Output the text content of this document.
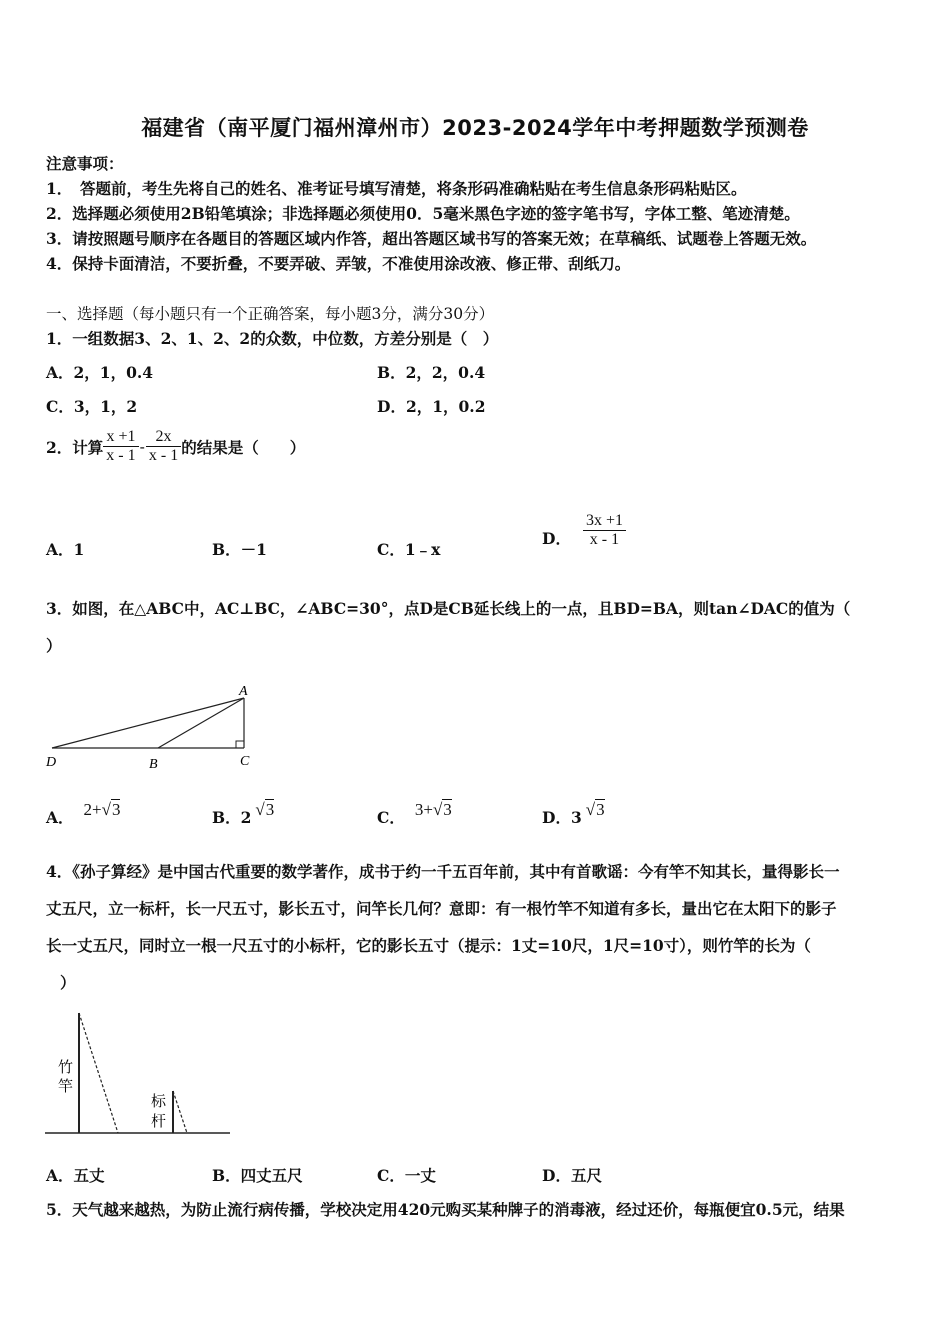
福建省（南平厦门福州漳州市）2023-2024学年中考押题数学预测卷
注意事项：
1．　答题前，考生先将自己的姓名、准考证号填写清楚，将条形码准确粘贴在考生信息条形码粘贴区。
2．选择题必须使用2B铅笔填涂；非选择题必须使用0．5毫米黑色字迹的签字笔书写，字体工整、笔迹清楚。
3．请按照题号顺序在各题目的答题区域内作答，超出答题区域书写的答案无效；在草稿纸、试题卷上答题无效。
4．保持卡面清洁，不要折叠，不要弄破、弄皱，不准使用涂改液、修正带、刮纸刀。
一、选择题（每小题只有一个正确答案，每小题3分，满分30分）
1．一组数据3、2、1、2、2的众数，中位数，方差分别是（　）
A．2，1，0.4	B．2，2，0.4
C．3，1，2	D．2，1，0.2
2．计算 $\frac{x +1}{x - 1} - \frac{2x}{x - 1}$ 的结果是（　　）
A．1	B．－1	C．1﹣x
D． $\frac{3x +1}{x - 1}$
3．如图，在△ABC中，AC⊥BC，∠ABC=30°，点D是CB延长线上的一点，且BD=BA，则tan∠DAC的值为（
）
A
D	B	C
A． 2+√3	B．2 √3	C． 3+√3	D．3 √3
4．《孙子算经》是中国古代重要的数学著作，成书于约一千五百年前，其中有首歌谣：今有竿不知其长，量得影长一
丈五尺，立一标杆，长一尺五寸，影长五寸，问竿长几何？意即：有一根竹竿不知道有多长，量出它在太阳下的影子
长一丈五尺，同时立一根一尺五寸的小标杆，它的影长五寸（提示：1丈=10尺，1尺=10寸），则竹竿的长为（
）
竹
竿
标
杆
A．五丈	B．四丈五尺	C．一丈	D．五尺
5．天气越来越热，为防止流行病传播，学校决定用420元购买某种牌子的消毒液，经过还价，每瓶便宜0.5元，结果
